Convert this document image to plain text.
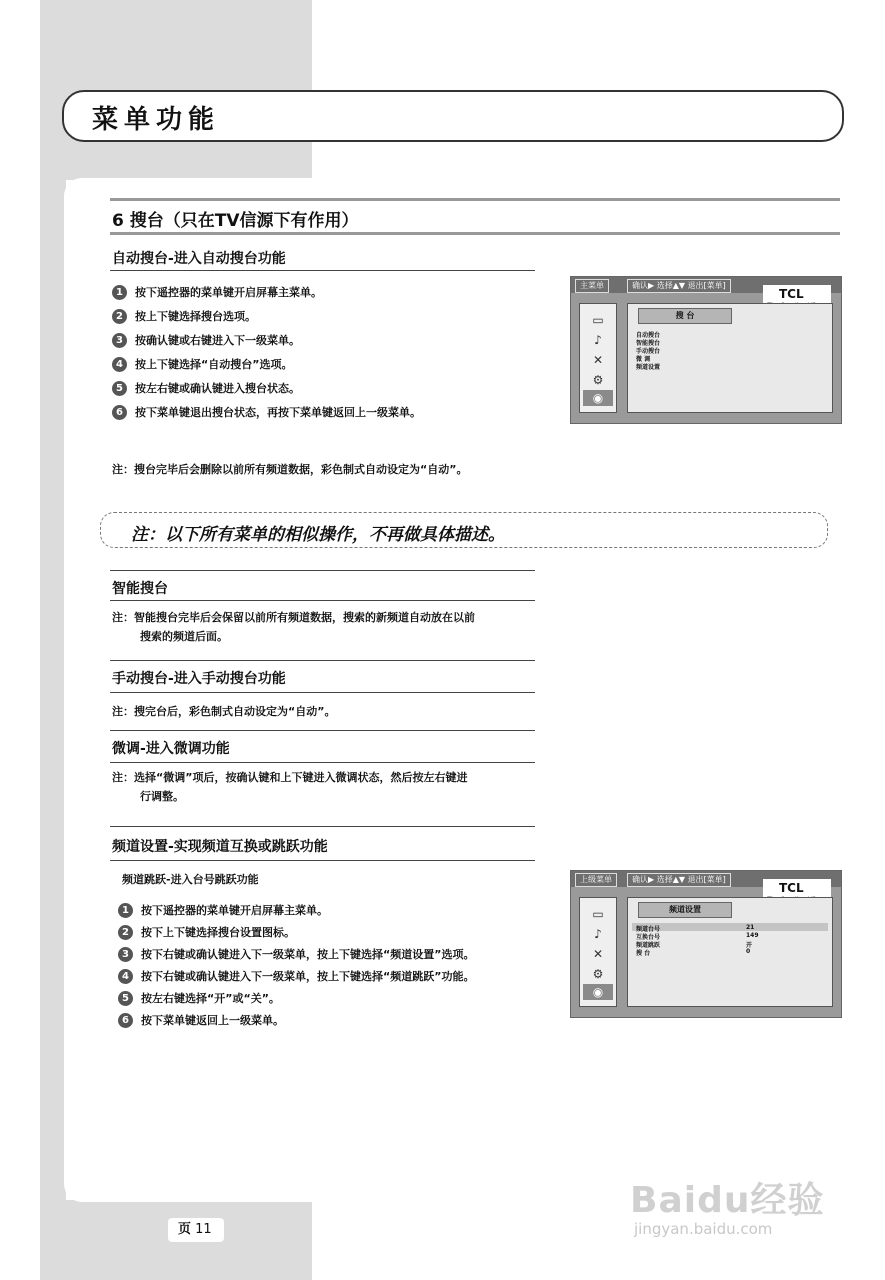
菜单功能
6 搜台（只在TV信源下有作用）
自动搜台-进入自动搜台功能
1	按下遥控器的菜单键开启屏幕主菜单。
2	按上下键选择搜台选项。
3	按确认键或右键进入下一级菜单。
4	按上下键选择“自动搜台”选项。
5	按左右键或确认键进入搜台状态。
6	按下菜单键退出搜台状态，再按下菜单键返回上一级菜单。
注：搜台完毕后会删除以前所有频道数据，彩色制式自动设定为“自动”。
主菜单	确认▶ 选择▲▼ 退出[菜单]
TCL
▭
♪
✕
⚙
◉
搜 台
自动搜台
智能搜台
手动搜台
微 调
频道设置
注：以下所有菜单的相似操作，不再做具体描述。
智能搜台
注：智能搜台完毕后会保留以前所有频道数据，搜索的新频道自动放在以前
搜索的频道后面。
手动搜台-进入手动搜台功能
注：搜完台后，彩色制式自动设定为“自动”。
微调-进入微调功能
注：选择“微调”项后，按确认键和上下键进入微调状态，然后按左右键进
行调整。
频道设置-实现频道互换或跳跃功能
频道跳跃-进入台号跳跃功能
1	按下遥控器的菜单键开启屏幕主菜单。
2	按下上下键选择搜台设置图标。
3	按下右键或确认键进入下一级菜单，按上下键选择“频道设置”选项。
4	按下右键或确认键进入下一级菜单，按上下键选择“频道跳跃”功能。
5	按左右键选择“开”或“关”。
6	按下菜单键返回上一级菜单。
上级菜单	确认▶ 选择▲▼ 退出[菜单]
TCL
▭
♪
✕
⚙
◉
频道设置
频道台号	21
互换台号	149
频道跳跃	开
搜 台	0
页 11
Baidu经验
jingyan.baidu.com
